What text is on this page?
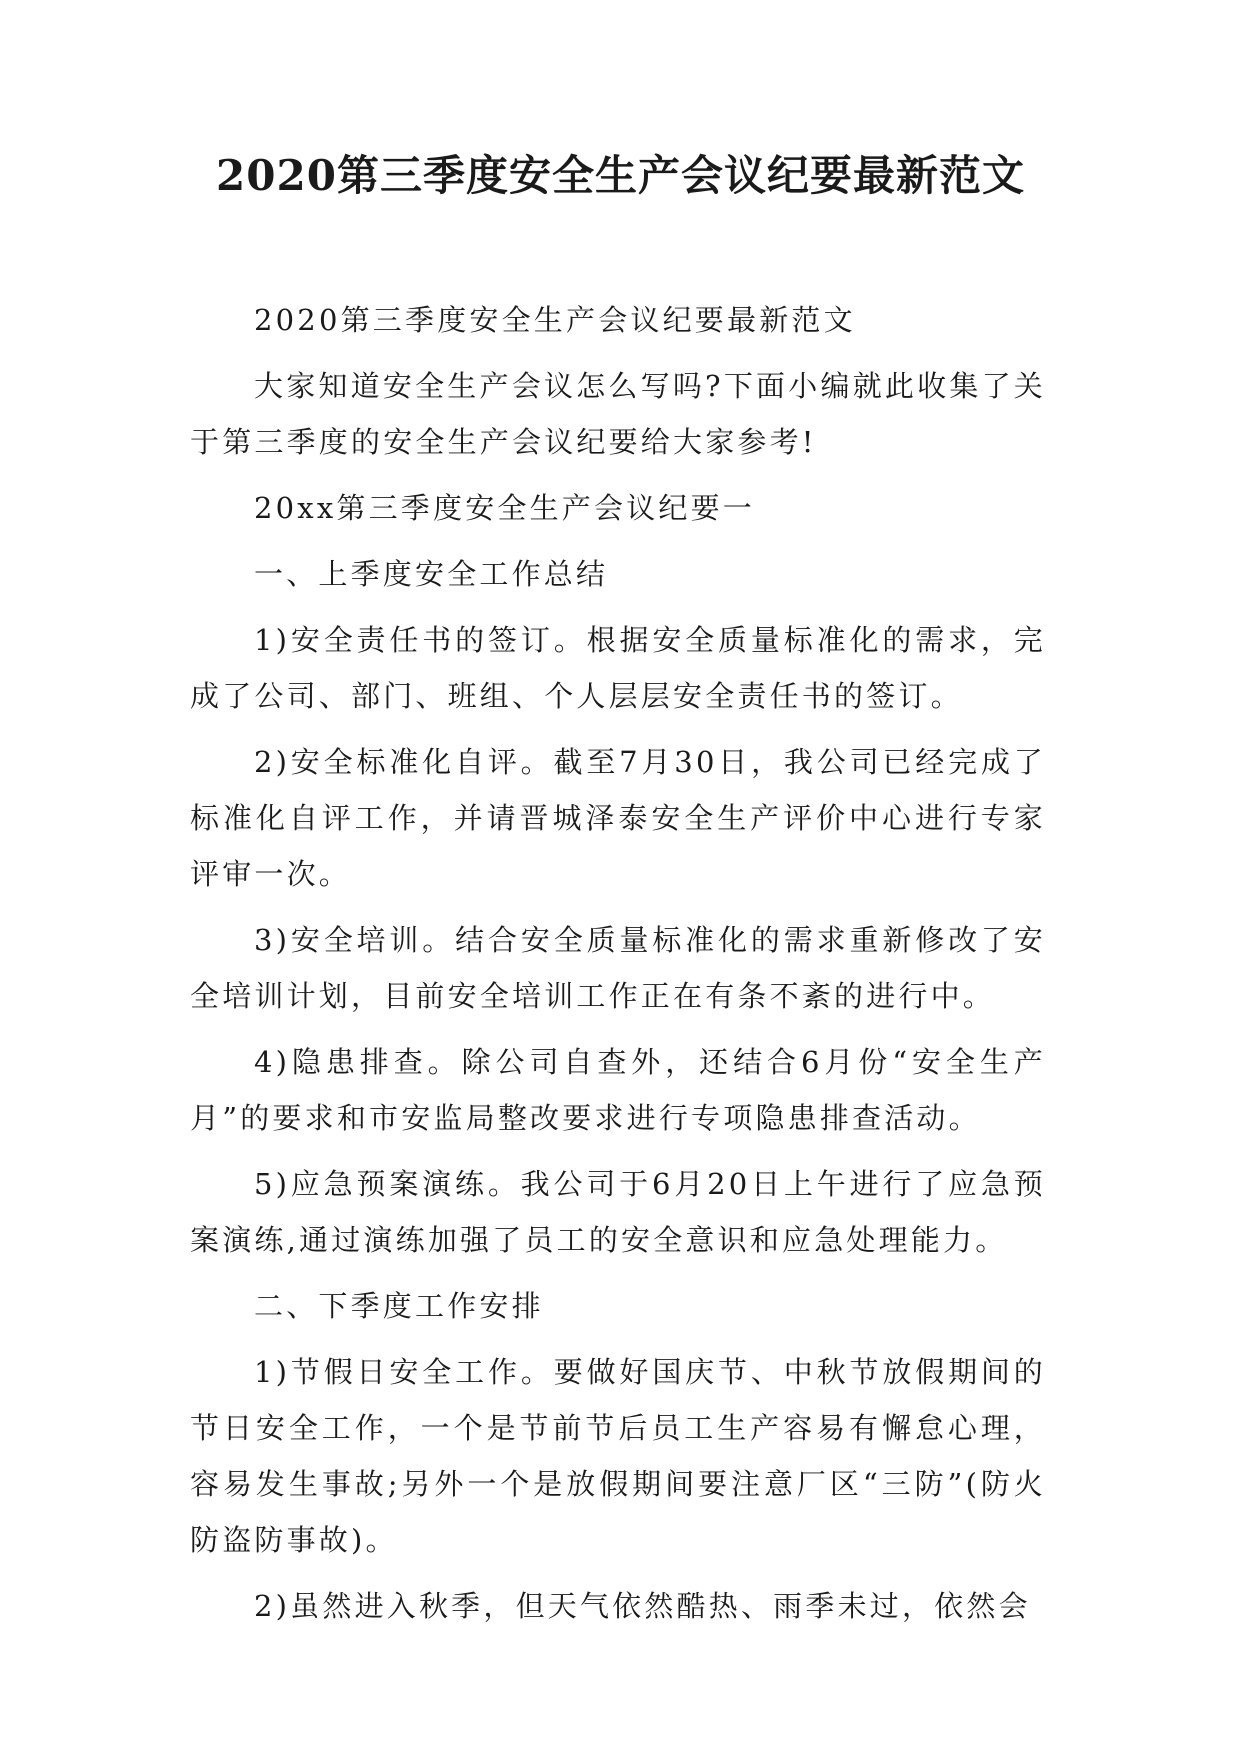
2020第三季度安全生产会议纪要最新范文

2020第三季度安全生产会议纪要最新范文

大家知道安全生产会议怎么写吗?下面小编就此收集了关于第三季度的安全生产会议纪要给大家参考!

20xx第三季度安全生产会议纪要一

一、上季度安全工作总结

1)安全责任书的签订。根据安全质量标准化的需求，完成了公司、部门、班组、个人层层安全责任书的签订。

2)安全标准化自评。截至7月30日，我公司已经完成了标准化自评工作，并请晋城泽泰安全生产评价中心进行专家评审一次。

3)安全培训。结合安全质量标准化的需求重新修改了安全培训计划，目前安全培训工作正在有条不紊的进行中。

4)隐患排查。除公司自查外，还结合6月份“安全生产月”的要求和市安监局整改要求进行专项隐患排查活动。

5)应急预案演练。我公司于6月20日上午进行了应急预案演练,通过演练加强了员工的安全意识和应急处理能力。

二、下季度工作安排

1)节假日安全工作。要做好国庆节、中秋节放假期间的节日安全工作，一个是节前节后员工生产容易有懈怠心理，容易发生事故;另外一个是放假期间要注意厂区“三防”(防火防盗防事故)。

2)虽然进入秋季，但天气依然酷热、雨季未过，依然会
